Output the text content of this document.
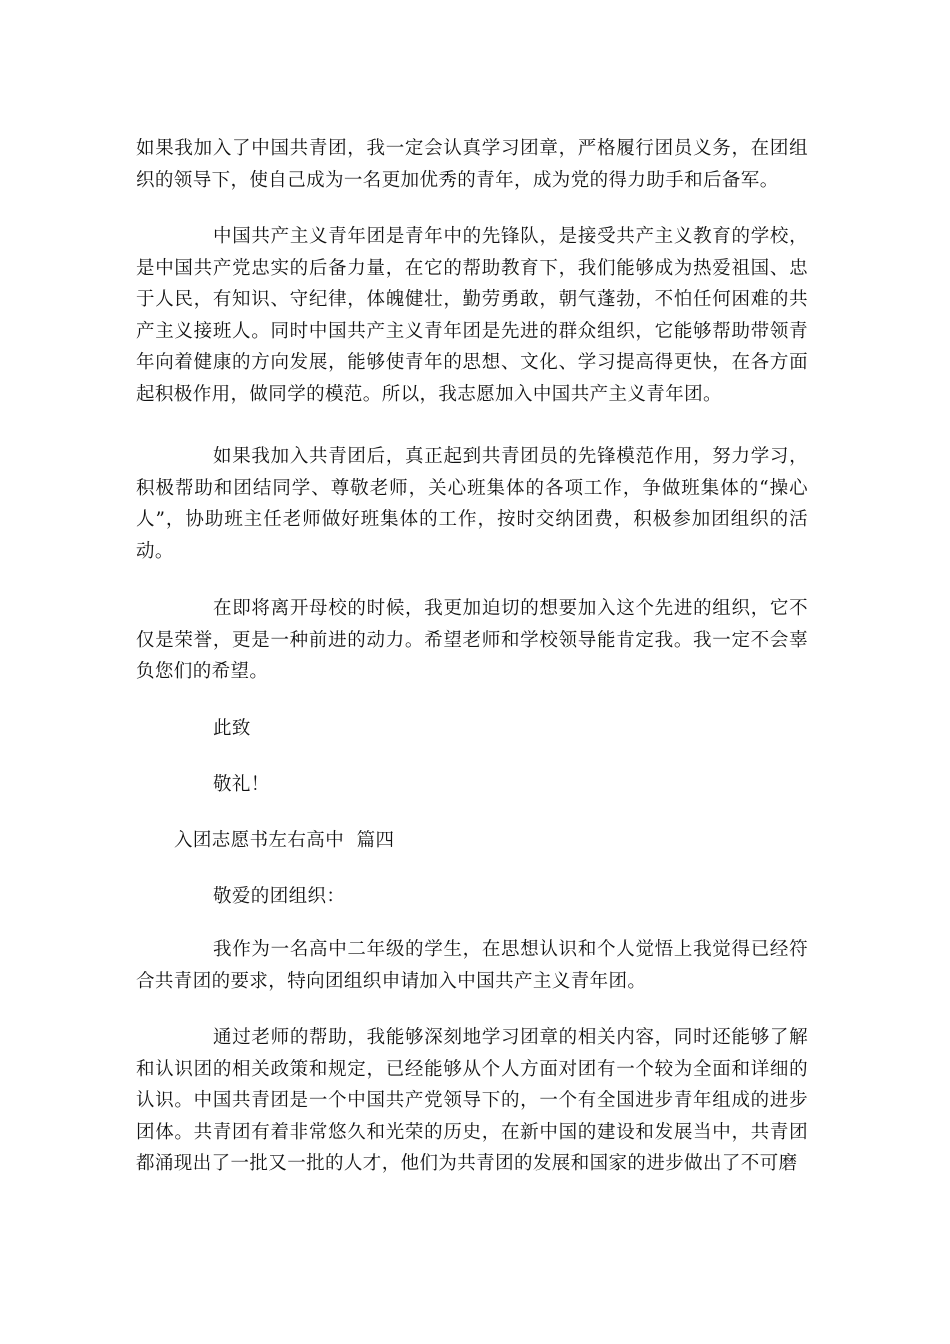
如果我加入了中国共青团，我一定会认真学习团章，严格履行团员义务，在团组织的领导下，使自己成为一名更加优秀的青年，成为党的得力助手和后备军。

中国共产主义青年团是青年中的先锋队，是接受共产主义教育的学校，是中国共产党忠实的后备力量，在它的帮助教育下，我们能够成为热爱祖国、忠于人民，有知识、守纪律，体魄健壮，勤劳勇敢，朝气蓬勃，不怕任何困难的共产主义接班人。同时中国共产主义青年团是先进的群众组织，它能够帮助带领青年向着健康的方向发展，能够使青年的思想、文化、学习提高得更快，在各方面起积极作用，做同学的模范。所以，我志愿加入中国共产主义青年团。

如果我加入共青团后，真正起到共青团员的先锋模范作用，努力学习，积极帮助和团结同学、尊敬老师，关心班集体的各项工作，争做班集体的“操心人”，协助班主任老师做好班集体的工作，按时交纳团费，积极参加团组织的活动。

在即将离开母校的时候，我更加迫切的想要加入这个先进的组织，它不仅是荣誉，更是一种前进的动力。希望老师和学校领导能肯定我。我一定不会辜负您们的希望。

此致

敬礼！

入团志愿书左右高中  篇四

敬爱的团组织：

我作为一名高中二年级的学生，在思想认识和个人觉悟上我觉得已经符合共青团的要求，特向团组织申请加入中国共产主义青年团。

通过老师的帮助，我能够深刻地学习团章的相关内容，同时还能够了解和认识团的相关政策和规定，已经能够从个人方面对团有一个较为全面和详细的认识。中国共青团是一个中国共产党领导下的，一个有全国进步青年组成的进步团体。共青团有着非常悠久和光荣的历史，在新中国的建设和发展当中，共青团都涌现出了一批又一批的人才，他们为共青团的发展和国家的进步做出了不可磨
